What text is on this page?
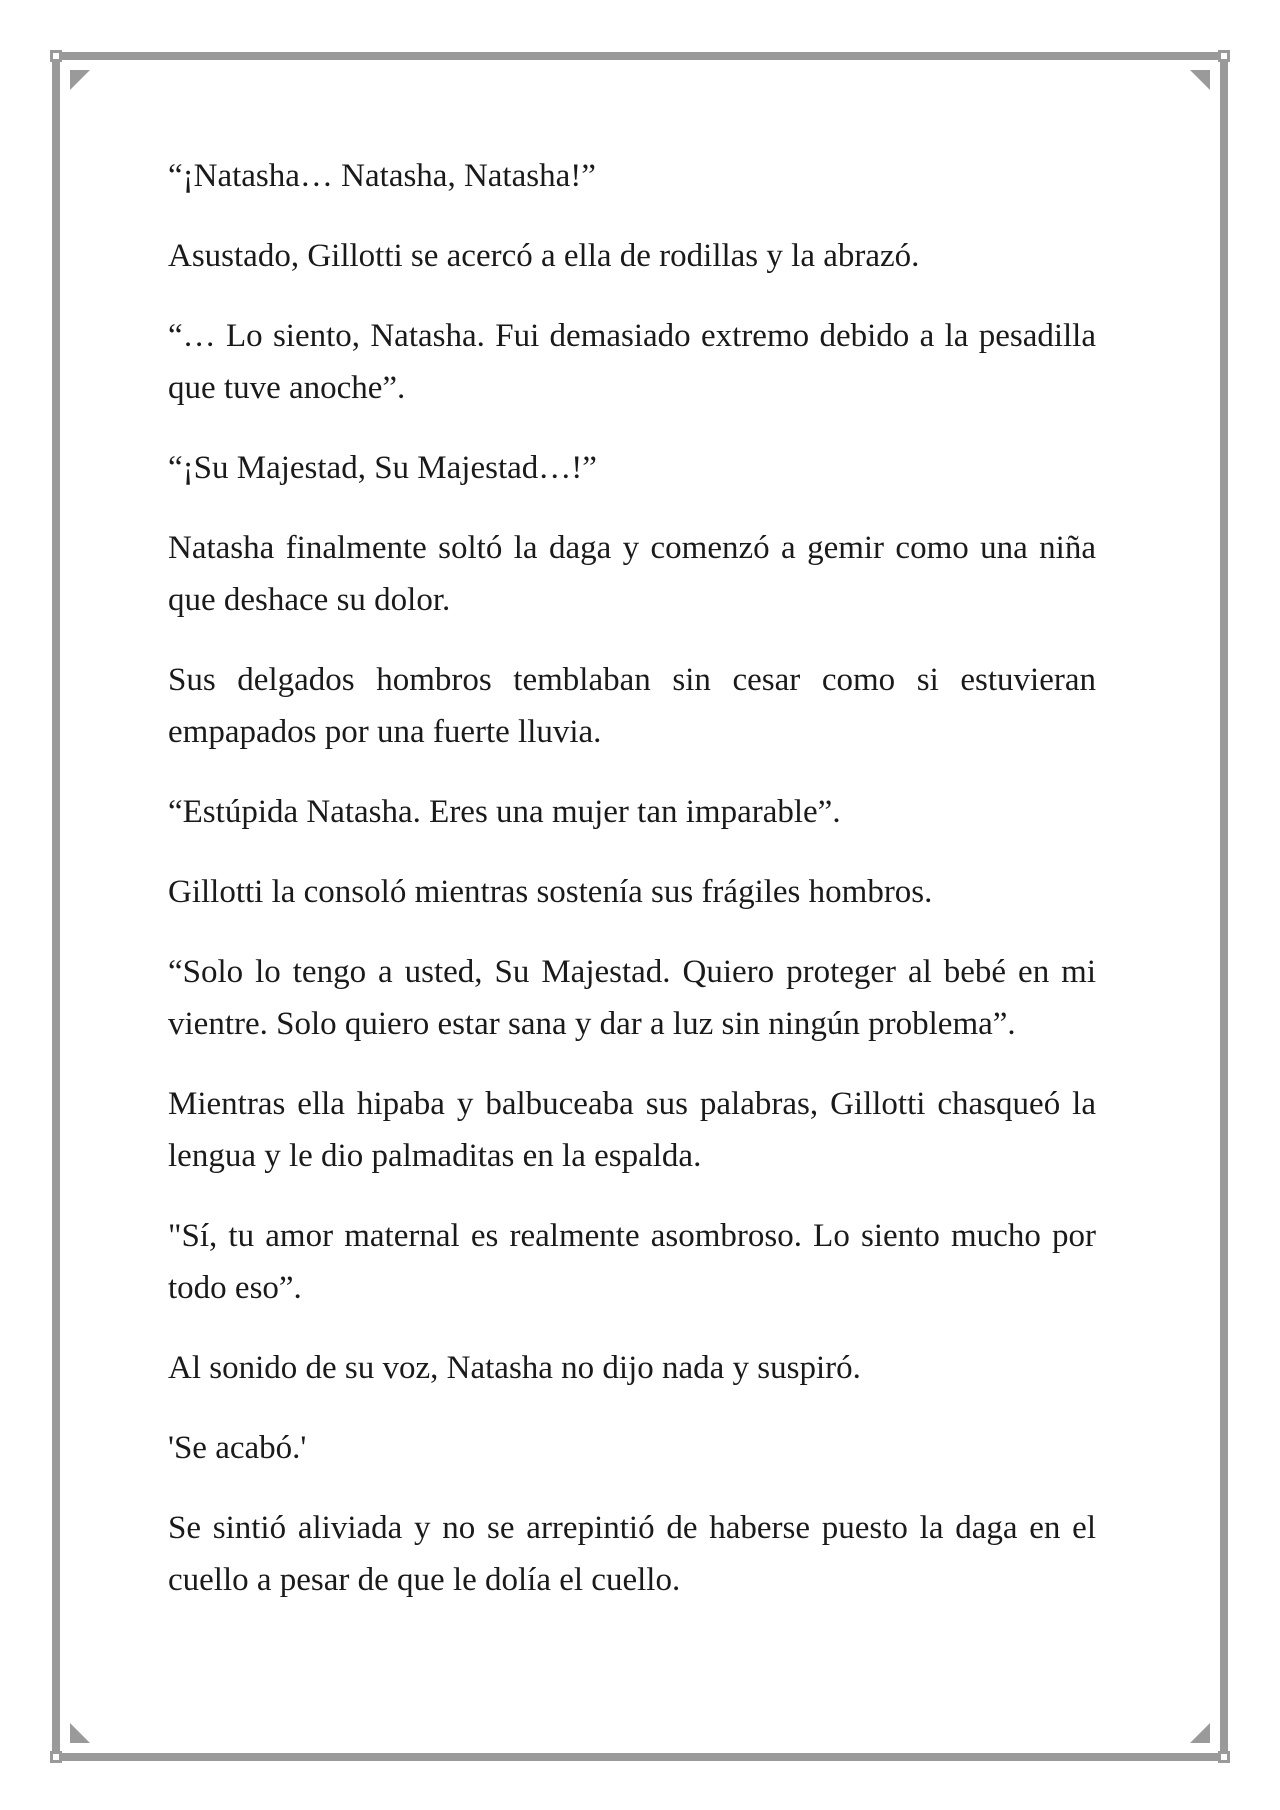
“¡Natasha… Natasha, Natasha!”

Asustado, Gillotti se acercó a ella de rodillas y la abrazó.

“… Lo siento, Natasha. Fui demasiado extremo debido a la pesadilla que tuve anoche”.

“¡Su Majestad, Su Majestad…!”

Natasha finalmente soltó la daga y comenzó a gemir como una niña que deshace su dolor.

Sus delgados hombros temblaban sin cesar como si estuvieran empapados por una fuerte lluvia.

“Estúpida Natasha. Eres una mujer tan imparable”.

Gillotti la consoló mientras sostenía sus frágiles hombros.

“Solo lo tengo a usted, Su Majestad. Quiero proteger al bebé en mi vientre. Solo quiero estar sana y dar a luz sin ningún problema”.

Mientras ella hipaba y balbuceaba sus palabras, Gillotti chasqueó la lengua y le dio palmaditas en la espalda.

"Sí, tu amor maternal es realmente asombroso. Lo siento mucho por todo eso”.

Al sonido de su voz, Natasha no dijo nada y suspiró.

'Se acabó.'

Se sintió aliviada y no se arrepintió de haberse puesto la daga en el cuello a pesar de que le dolía el cuello.
